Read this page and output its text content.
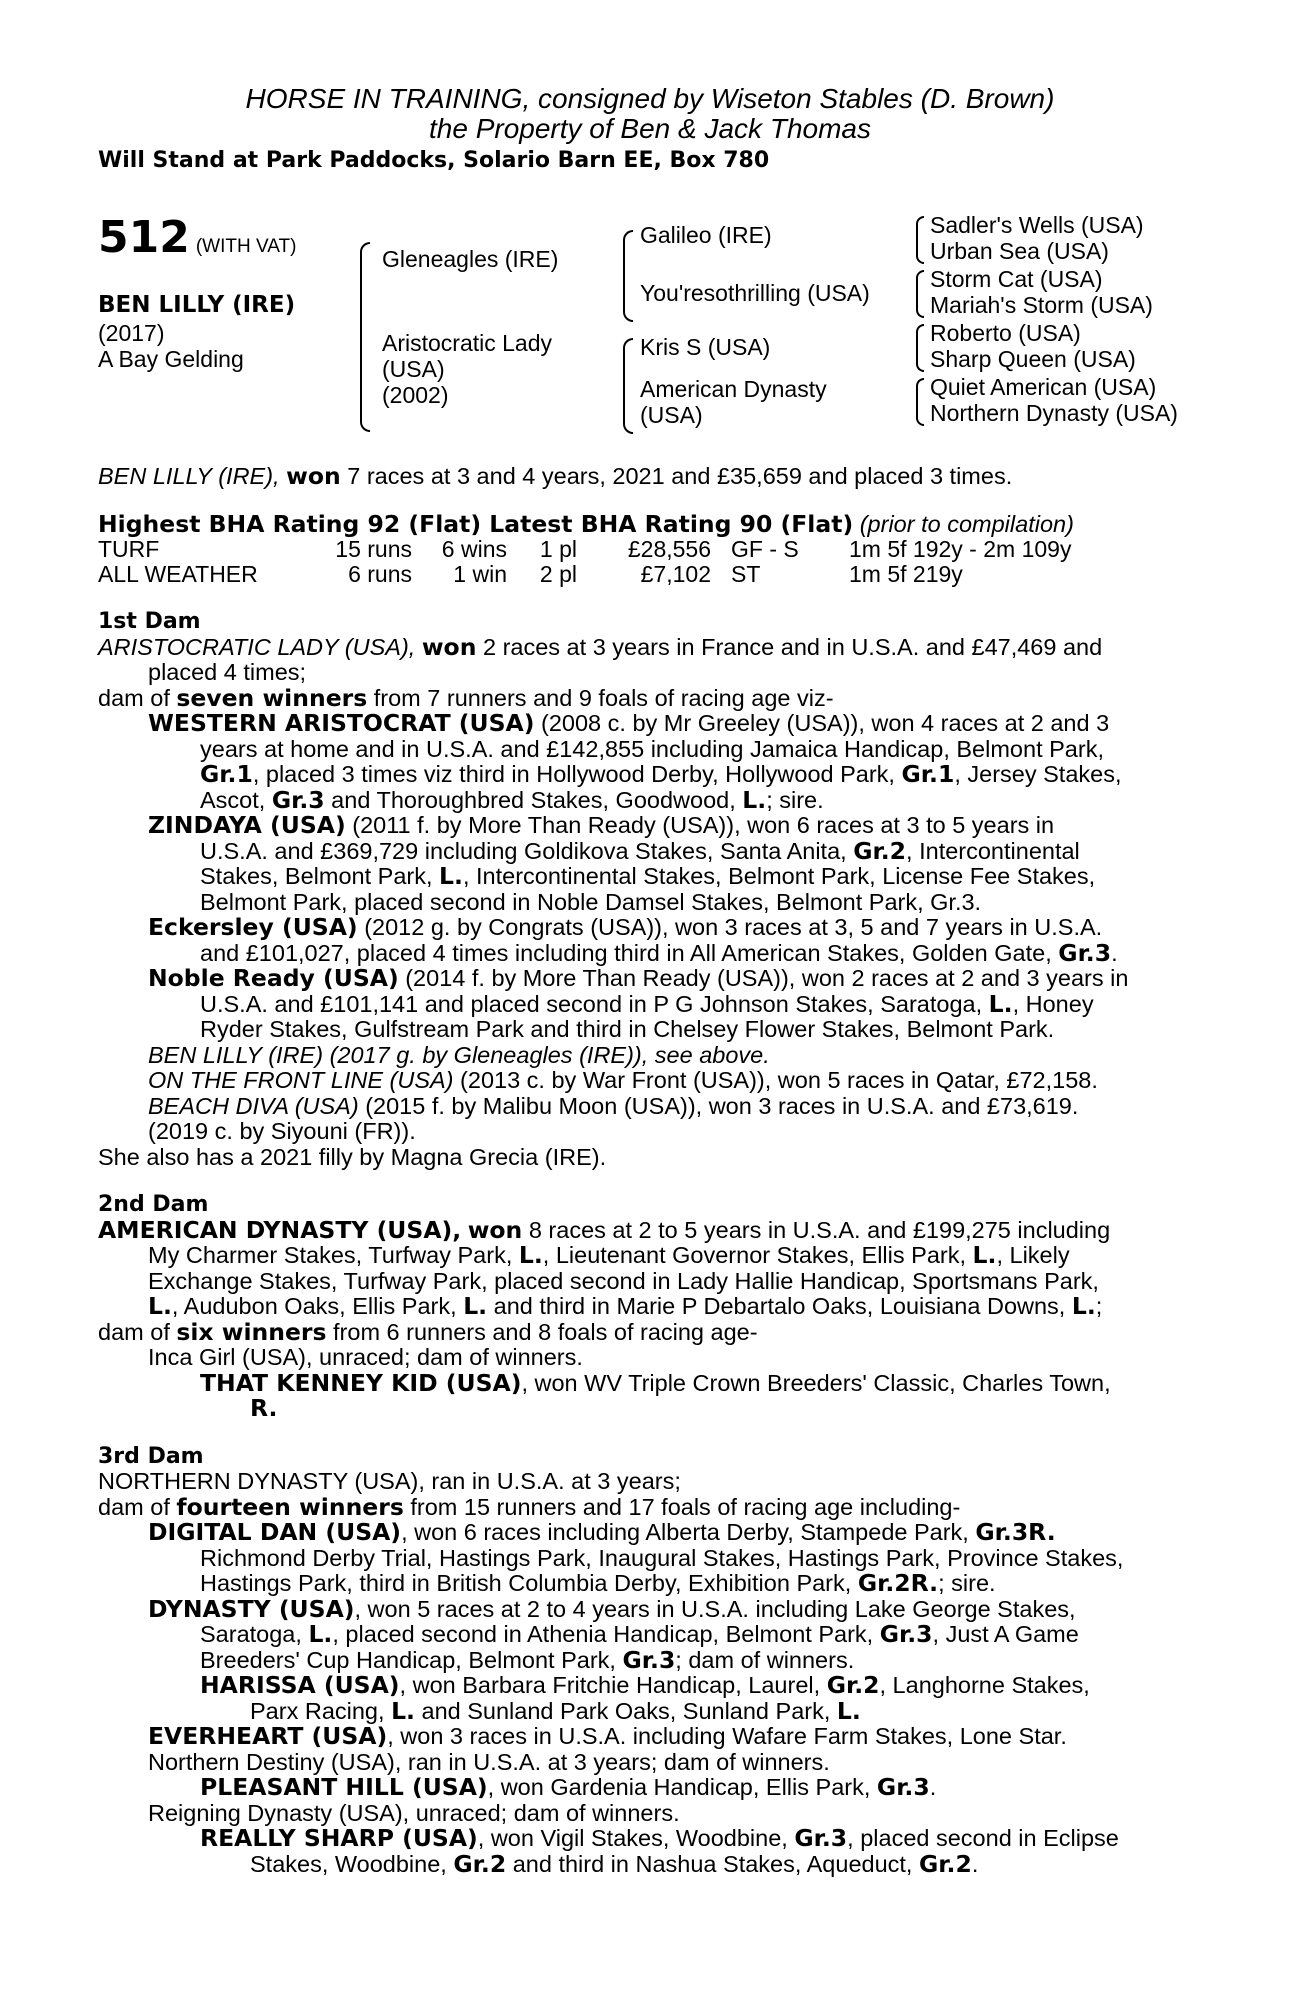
HORSE IN TRAINING, consigned by Wiseton Stables (D. Brown)
the Property of Ben & Jack Thomas
Will Stand at Park Paddocks, Solario Barn EE, Box 780
512 (WITH VAT)
BEN LILLY (IRE)
(2017)
A Bay Gelding
Gleneagles (IRE)
Aristocratic Lady
(USA)
(2002)
Galileo (IRE)
You'resothrilling (USA)
Kris S (USA)
American Dynasty
(USA)
Sadler's Wells (USA)
Urban Sea (USA)
Storm Cat (USA)
Mariah's Storm (USA)
Roberto (USA)
Sharp Queen (USA)
Quiet American (USA)
Northern Dynasty (USA)
BEN LILLY (IRE), won 7 races at 3 and 4 years, 2021 and £35,659 and placed 3 times.
Highest BHA Rating 92 (Flat) Latest BHA Rating 90 (Flat) (prior to compilation)
TURF	15 runs	6 wins	1 pl	£28,556	GF - S	1m 5f 192y - 2m 109y
ALL WEATHER	6 runs	1 win	2 pl	£7,102	ST	1m 5f 219y
1st Dam
ARISTOCRATIC LADY (USA), won 2 races at 3 years in France and in U.S.A. and £47,469 and
placed 4 times;
dam of seven winners from 7 runners and 9 foals of racing age viz-
WESTERN ARISTOCRAT (USA) (2008 c. by Mr Greeley (USA)), won 4 races at 2 and 3
years at home and in U.S.A. and £142,855 including Jamaica Handicap, Belmont Park,
Gr.1, placed 3 times viz third in Hollywood Derby, Hollywood Park, Gr.1, Jersey Stakes,
Ascot, Gr.3 and Thoroughbred Stakes, Goodwood, L.; sire.
ZINDAYA (USA) (2011 f. by More Than Ready (USA)), won 6 races at 3 to 5 years in
U.S.A. and £369,729 including Goldikova Stakes, Santa Anita, Gr.2, Intercontinental
Stakes, Belmont Park, L., Intercontinental Stakes, Belmont Park, License Fee Stakes,
Belmont Park, placed second in Noble Damsel Stakes, Belmont Park, Gr.3.
Eckersley (USA) (2012 g. by Congrats (USA)), won 3 races at 3, 5 and 7 years in U.S.A.
and £101,027, placed 4 times including third in All American Stakes, Golden Gate, Gr.3.
Noble Ready (USA) (2014 f. by More Than Ready (USA)), won 2 races at 2 and 3 years in
U.S.A. and £101,141 and placed second in P G Johnson Stakes, Saratoga, L., Honey
Ryder Stakes, Gulfstream Park and third in Chelsey Flower Stakes, Belmont Park.
BEN LILLY (IRE) (2017 g. by Gleneagles (IRE)), see above.
ON THE FRONT LINE (USA) (2013 c. by War Front (USA)), won 5 races in Qatar, £72,158.
BEACH DIVA (USA) (2015 f. by Malibu Moon (USA)), won 3 races in U.S.A. and £73,619.
(2019 c. by Siyouni (FR)).
She also has a 2021 filly by Magna Grecia (IRE).
2nd Dam
AMERICAN DYNASTY (USA), won 8 races at 2 to 5 years in U.S.A. and £199,275 including
My Charmer Stakes, Turfway Park, L., Lieutenant Governor Stakes, Ellis Park, L., Likely
Exchange Stakes, Turfway Park, placed second in Lady Hallie Handicap, Sportsmans Park,
L., Audubon Oaks, Ellis Park, L. and third in Marie P Debartalo Oaks, Louisiana Downs, L.;
dam of six winners from 6 runners and 8 foals of racing age-
Inca Girl (USA), unraced; dam of winners.
THAT KENNEY KID (USA), won WV Triple Crown Breeders' Classic, Charles Town,
R.
3rd Dam
NORTHERN DYNASTY (USA), ran in U.S.A. at 3 years;
dam of fourteen winners from 15 runners and 17 foals of racing age including-
DIGITAL DAN (USA), won 6 races including Alberta Derby, Stampede Park, Gr.3R.
Richmond Derby Trial, Hastings Park, Inaugural Stakes, Hastings Park, Province Stakes,
Hastings Park, third in British Columbia Derby, Exhibition Park, Gr.2R.; sire.
DYNASTY (USA), won 5 races at 2 to 4 years in U.S.A. including Lake George Stakes,
Saratoga, L., placed second in Athenia Handicap, Belmont Park, Gr.3, Just A Game
Breeders' Cup Handicap, Belmont Park, Gr.3; dam of winners.
HARISSA (USA), won Barbara Fritchie Handicap, Laurel, Gr.2, Langhorne Stakes,
Parx Racing, L. and Sunland Park Oaks, Sunland Park, L.
EVERHEART (USA), won 3 races in U.S.A. including Wafare Farm Stakes, Lone Star.
Northern Destiny (USA), ran in U.S.A. at 3 years; dam of winners.
PLEASANT HILL (USA), won Gardenia Handicap, Ellis Park, Gr.3.
Reigning Dynasty (USA), unraced; dam of winners.
REALLY SHARP (USA), won Vigil Stakes, Woodbine, Gr.3, placed second in Eclipse
Stakes, Woodbine, Gr.2 and third in Nashua Stakes, Aqueduct, Gr.2.
